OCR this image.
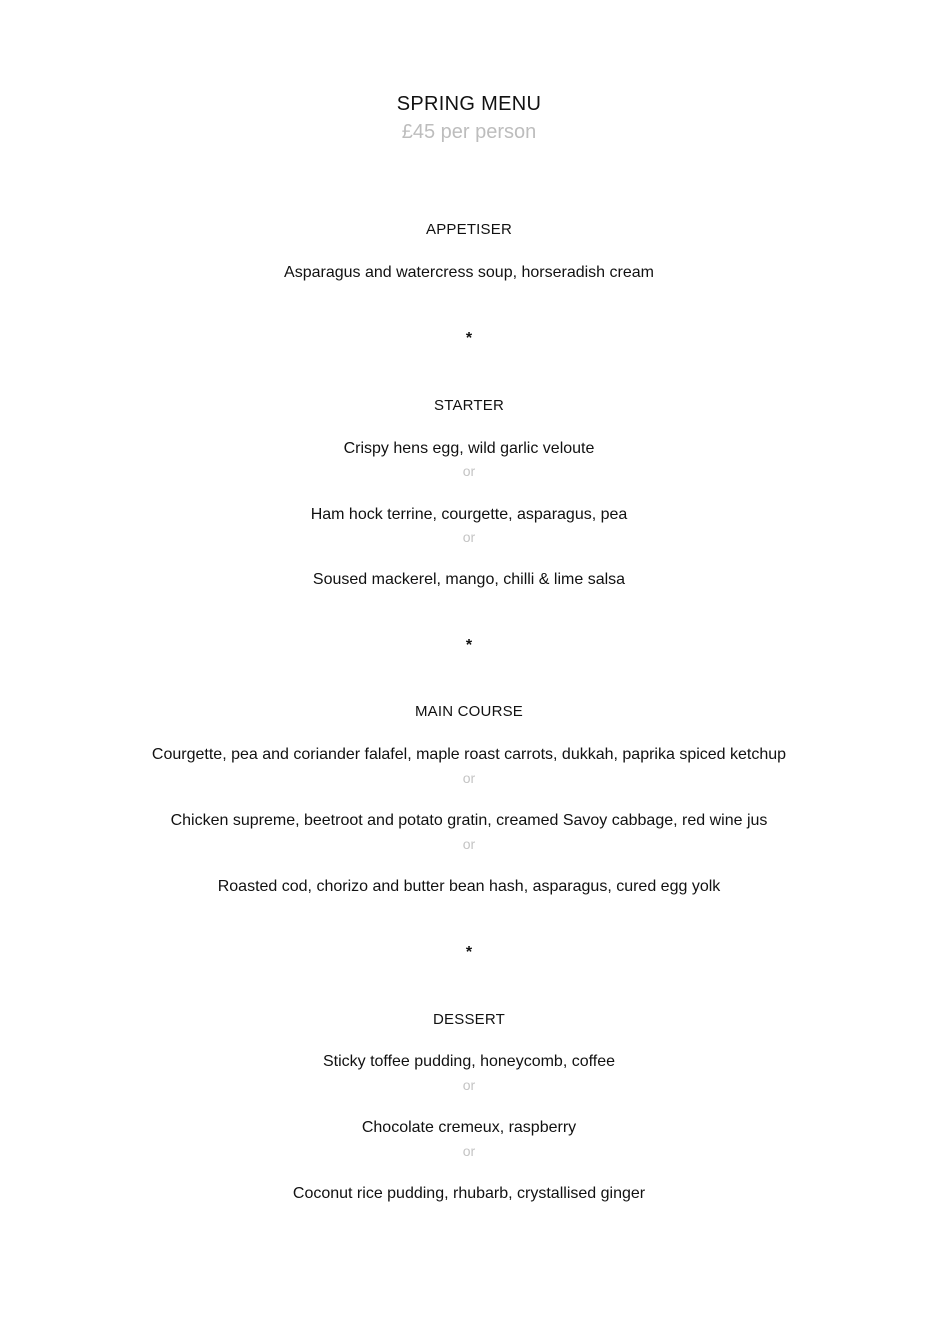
SPRING MENU
£45 per person
APPETISER
Asparagus and watercress soup, horseradish cream
*
STARTER
Crispy hens egg, wild garlic veloute
or
Ham hock terrine, courgette, asparagus, pea
or
Soused mackerel, mango, chilli & lime salsa
*
MAIN COURSE
Courgette, pea and coriander falafel, maple roast carrots, dukkah, paprika spiced ketchup
or
Chicken supreme, beetroot and potato gratin, creamed Savoy cabbage, red wine jus
or
Roasted cod, chorizo and butter bean hash, asparagus, cured egg yolk
*
DESSERT
Sticky toffee pudding, honeycomb, coffee
or
Chocolate cremeux, raspberry
or
Coconut rice pudding, rhubarb, crystallised ginger
